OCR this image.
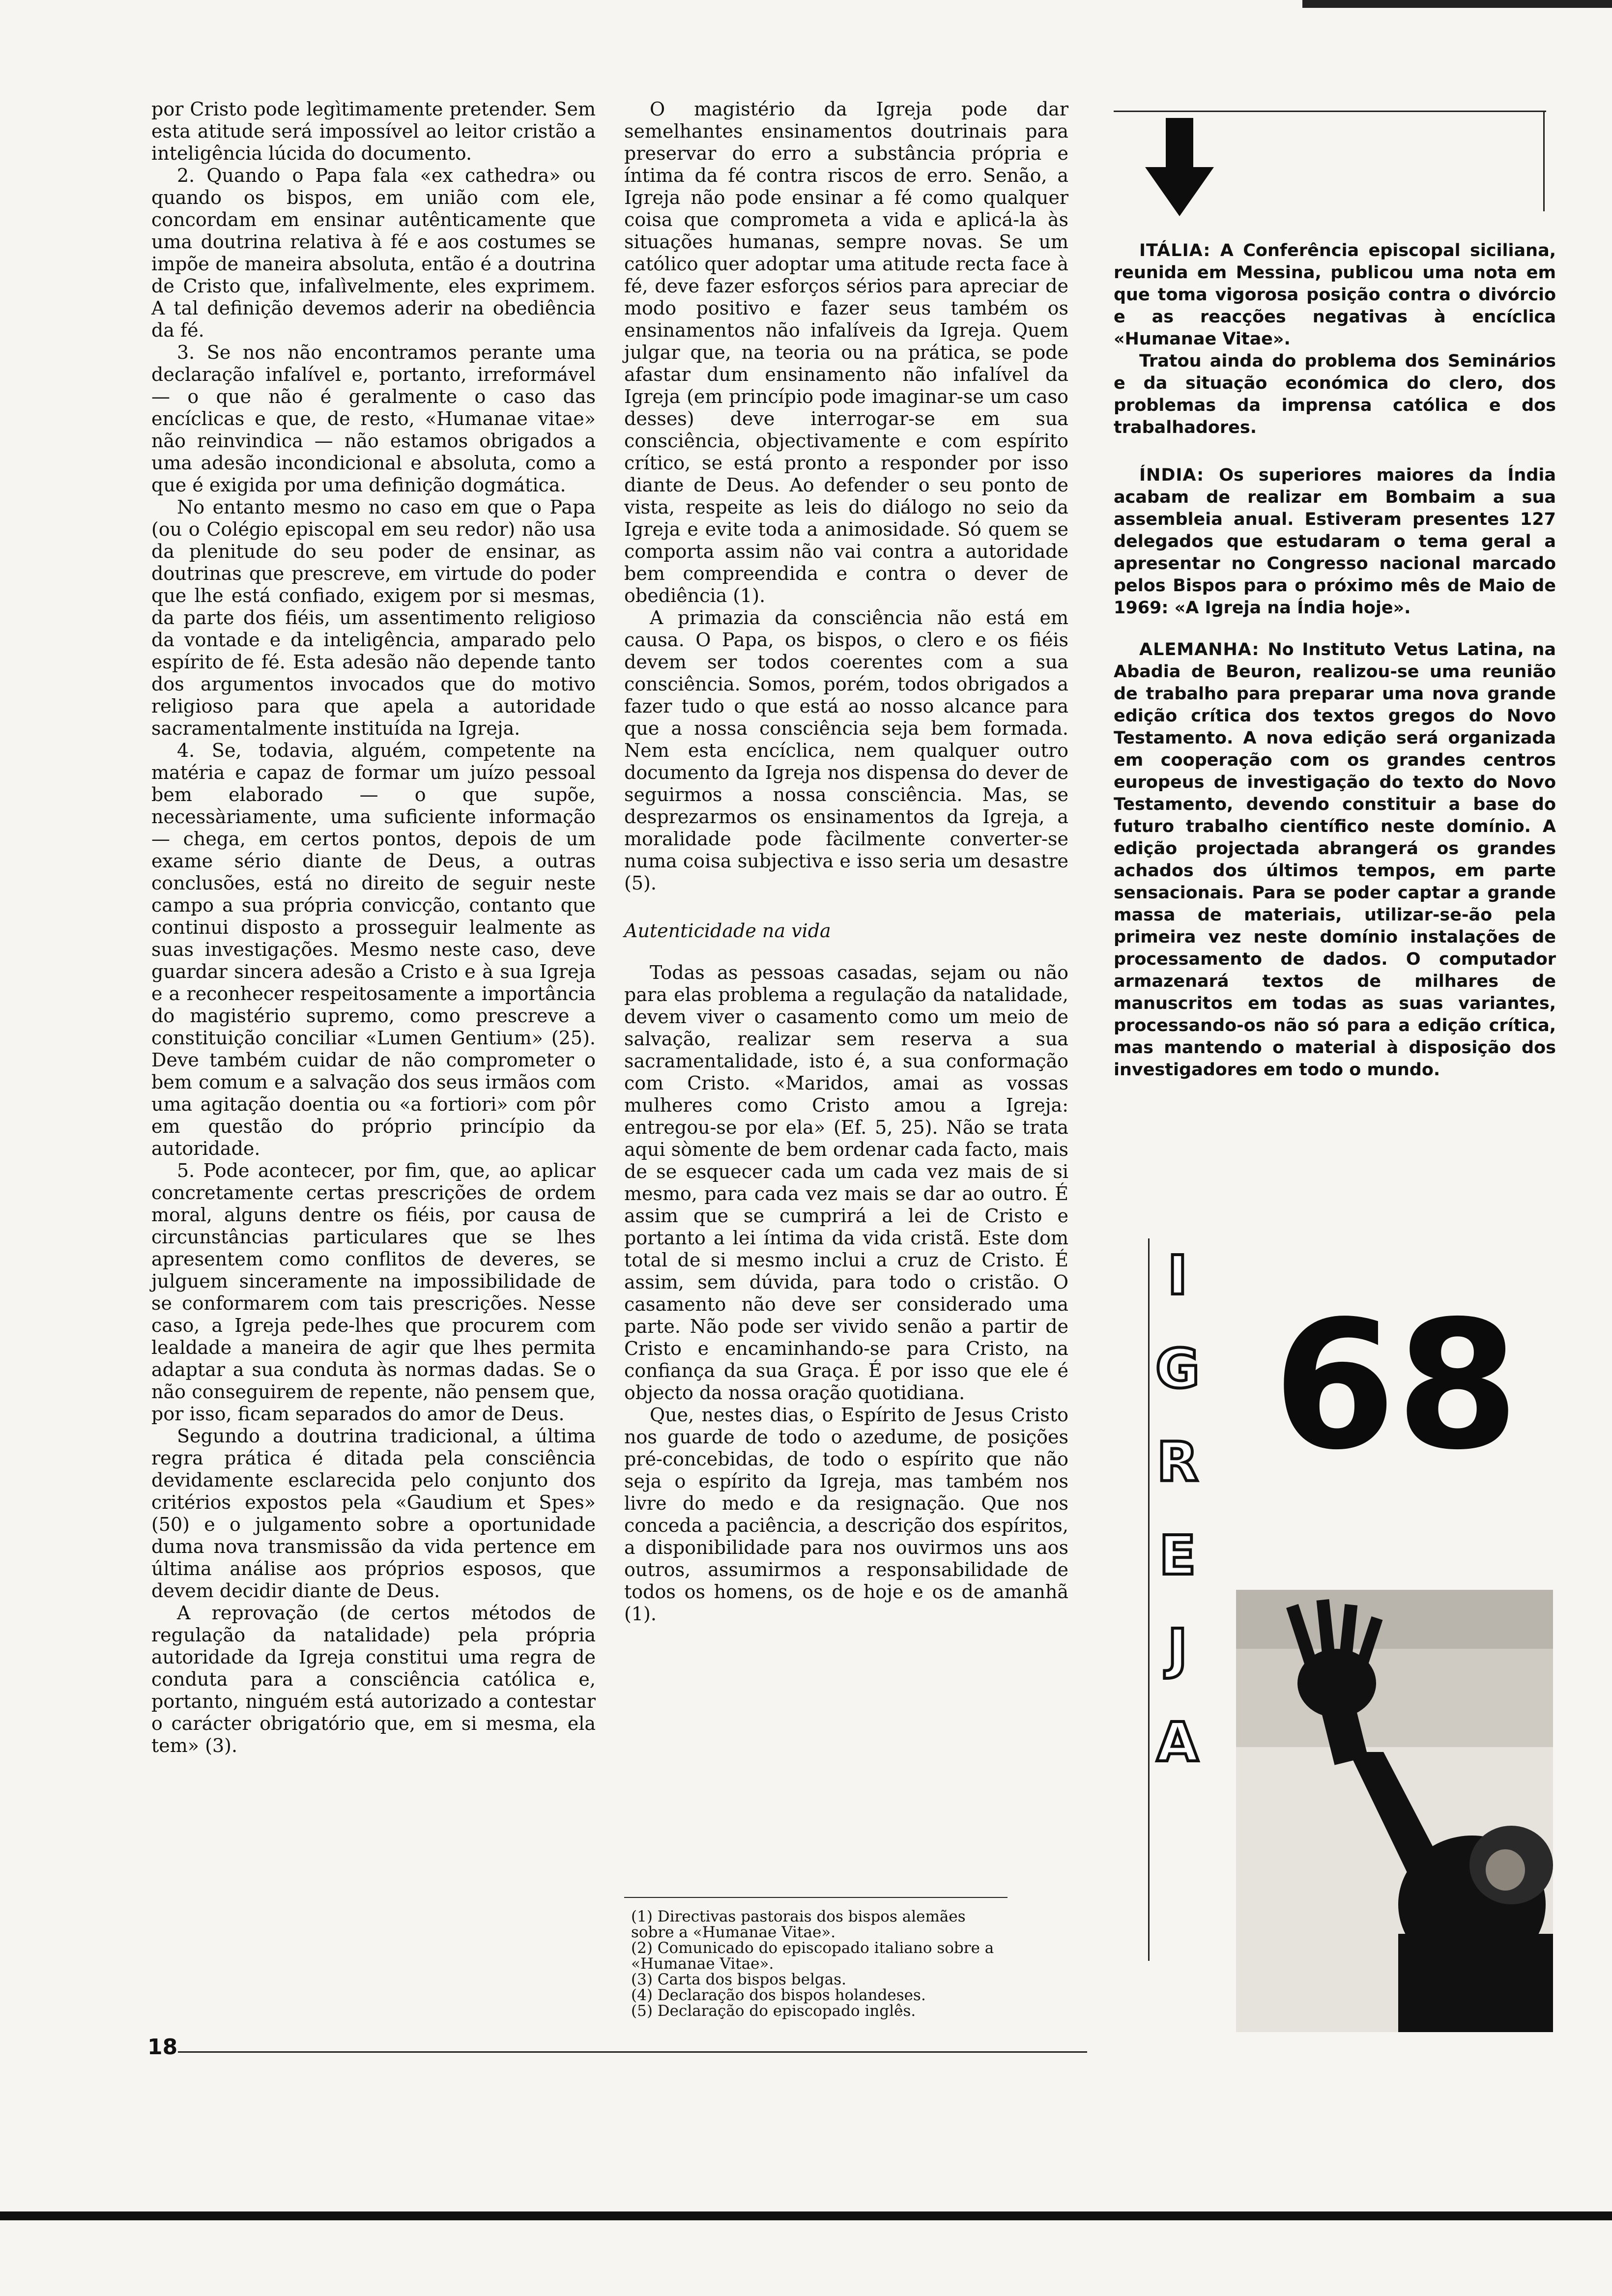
por Cristo pode legìtimamente pretender. Sem esta atitude será impossível ao leitor cristão a inteligência lúcida do documento.

2. Quando o Papa fala «ex cathedra» ou quando os bispos, em união com ele, concordam em ensinar autênticamente que uma doutrina relativa à fé e aos costumes se impõe de maneira absoluta, então é a doutrina de Cristo que, infalìvelmente, eles exprimem. A tal definição devemos aderir na obediência da fé.

3. Se nos não encontramos perante uma declaração infalível e, portanto, irreformável — o que não é geralmente o caso das encíclicas e que, de resto, «Humanae vitae» não reinvindica — não estamos obrigados a uma adesão incondicional e absoluta, como a que é exigida por uma definição dogmática.

No entanto mesmo no caso em que o Papa (ou o Colégio episcopal em seu redor) não usa da plenitude do seu poder de ensinar, as doutrinas que prescreve, em virtude do poder que lhe está confiado, exigem por si mesmas, da parte dos fiéis, um assentimento religioso da vontade e da inteligência, amparado pelo espírito de fé. Esta adesão não depende tanto dos argumentos invocados que do motivo religioso para que apela a autoridade sacramentalmente instituída na Igreja.

4. Se, todavia, alguém, competente na matéria e capaz de formar um juízo pessoal bem elaborado — o que supõe, necessàriamente, uma suficiente informação — chega, em certos pontos, depois de um exame sério diante de Deus, a outras conclusões, está no direito de seguir neste campo a sua própria convicção, contanto que continui disposto a prosseguir lealmente as suas investigações. Mesmo neste caso, deve guardar sincera adesão a Cristo e à sua Igreja e a reconhecer respeitosamente a importância do magistério supremo, como prescreve a constituição conciliar «Lumen Gentium» (25). Deve também cuidar de não comprometer o bem comum e a salvação dos seus irmãos com uma agitação doentia ou «a fortiori» com pôr em questão do próprio princípio da autoridade.

5. Pode acontecer, por fim, que, ao aplicar concretamente certas prescrições de ordem moral, alguns dentre os fiéis, por causa de circunstâncias particulares que se lhes apresentem como conflitos de deveres, se julguem sinceramente na impossibilidade de se conformarem com tais prescrições. Nesse caso, a Igreja pede-lhes que procurem com lealdade a maneira de agir que lhes permita adaptar a sua conduta às normas dadas. Se o não conseguirem de repente, não pensem que, por isso, ficam separados do amor de Deus.

Segundo a doutrina tradicional, a última regra prática é ditada pela consciência devidamente esclarecida pelo conjunto dos critérios expostos pela «Gaudium et Spes» (50) e o julgamento sobre a oportunidade duma nova transmissão da vida pertence em última análise aos próprios esposos, que devem decidir diante de Deus.

A reprovação (de certos métodos de regulação da natalidade) pela própria autoridade da Igreja constitui uma regra de conduta para a consciência católica e, portanto, ninguém está autorizado a contestar o carácter obrigatório que, em si mesma, ela tem» (3).

O magistério da Igreja pode dar semelhantes ensinamentos doutrinais para preservar do erro a substância própria e íntima da fé contra riscos de erro. Senão, a Igreja não pode ensinar a fé como qualquer coisa que comprometa a vida e aplicá-la às situações humanas, sempre novas. Se um católico quer adoptar uma atitude recta face à fé, deve fazer esforços sérios para apreciar de modo positivo e fazer seus também os ensinamentos não infalíveis da Igreja. Quem julgar que, na teoria ou na prática, se pode afastar dum ensinamento não infalível da Igreja (em princípio pode imaginar-se um caso desses) deve interrogar-se em sua consciência, objectivamente e com espírito crítico, se está pronto a responder por isso diante de Deus. Ao defender o seu ponto de vista, respeite as leis do diálogo no seio da Igreja e evite toda a animosidade. Só quem se comporta assim não vai contra a autoridade bem compreendida e contra o dever de obediência (1).

A primazia da consciência não está em causa. O Papa, os bispos, o clero e os fiéis devem ser todos coerentes com a sua consciência. Somos, porém, todos obrigados a fazer tudo o que está ao nosso alcance para que a nossa consciência seja bem formada. Nem esta encíclica, nem qualquer outro documento da Igreja nos dispensa do dever de seguirmos a nossa consciência. Mas, se desprezarmos os ensinamentos da Igreja, a moralidade pode fàcilmente converter-se numa coisa subjectiva e isso seria um desastre (5).

Autenticidade na vida

Todas as pessoas casadas, sejam ou não para elas problema a regulação da natalidade, devem viver o casamento como um meio de salvação, realizar sem reserva a sua sacramentalidade, isto é, a sua conformação com Cristo. «Maridos, amai as vossas mulheres como Cristo amou a Igreja: entregou-se por ela» (Ef. 5, 25). Não se trata aqui sòmente de bem ordenar cada facto, mais de se esquecer cada um cada vez mais de si mesmo, para cada vez mais se dar ao outro. É assim que se cumprirá a lei de Cristo e portanto a lei íntima da vida cristã. Este dom total de si mesmo inclui a cruz de Cristo. É assim, sem dúvida, para todo o cristão. O casamento não deve ser considerado uma parte. Não pode ser vivido senão a partir de Cristo e encaminhando-se para Cristo, na confiança da sua Graça. É por isso que ele é objecto da nossa oração quotidiana.

Que, nestes dias, o Espírito de Jesus Cristo nos guarde de todo o azedume, de posições pré-concebidas, de todo o espírito que não seja o espírito da Igreja, mas também nos livre do medo e da resignação. Que nos conceda a paciência, a descrição dos espíritos, a disponibilidade para nos ouvirmos uns aos outros, assumirmos a responsabilidade de todos os homens, os de hoje e os de amanhã (1).

(1) Directivas pastorais dos bispos alemães sobre a «Humanae Vitae».
(2) Comunicado do episcopado italiano sobre a «Humanae Vitae».
(3) Carta dos bispos belgas.
(4) Declaração dos bispos holandeses.
(5) Declaração do episcopado inglês.

ITÁLIA: A Conferência episcopal siciliana, reunida em Messina, publicou uma nota em que toma vigorosa posição contra o divórcio e as reacções negativas à encíclica «Humanae Vitae».

Tratou ainda do problema dos Seminários e da situação económica do clero, dos problemas da imprensa católica e dos trabalhadores.

ÍNDIA: Os superiores maiores da Índia acabam de realizar em Bombaim a sua assembleia anual. Estiveram presentes 127 delegados que estudaram o tema geral a apresentar no Congresso nacional marcado pelos Bispos para o próximo mês de Maio de 1969: «A Igreja na Índia hoje».

ALEMANHA: No Instituto Vetus Latina, na Abadia de Beuron, realizou-se uma reunião de trabalho para preparar uma nova grande edição crítica dos textos gregos do Novo Testamento. A nova edição será organizada em cooperação com os grandes centros europeus de investigação do texto do Novo Testamento, devendo constituir a base do futuro trabalho científico neste domínio. A edição projectada abrangerá os grandes achados dos últimos tempos, em parte sensacionais. Para se poder captar a grande massa de materiais, utilizar-se-ão pela primeira vez neste domínio instalações de processamento de dados. O computador armazenará textos de milhares de manuscritos em todas as suas variantes, processando-os não só para a edição crítica, mas mantendo o material à disposição dos investigadores em todo o mundo.

I
G
R
E
J
A
68
18
